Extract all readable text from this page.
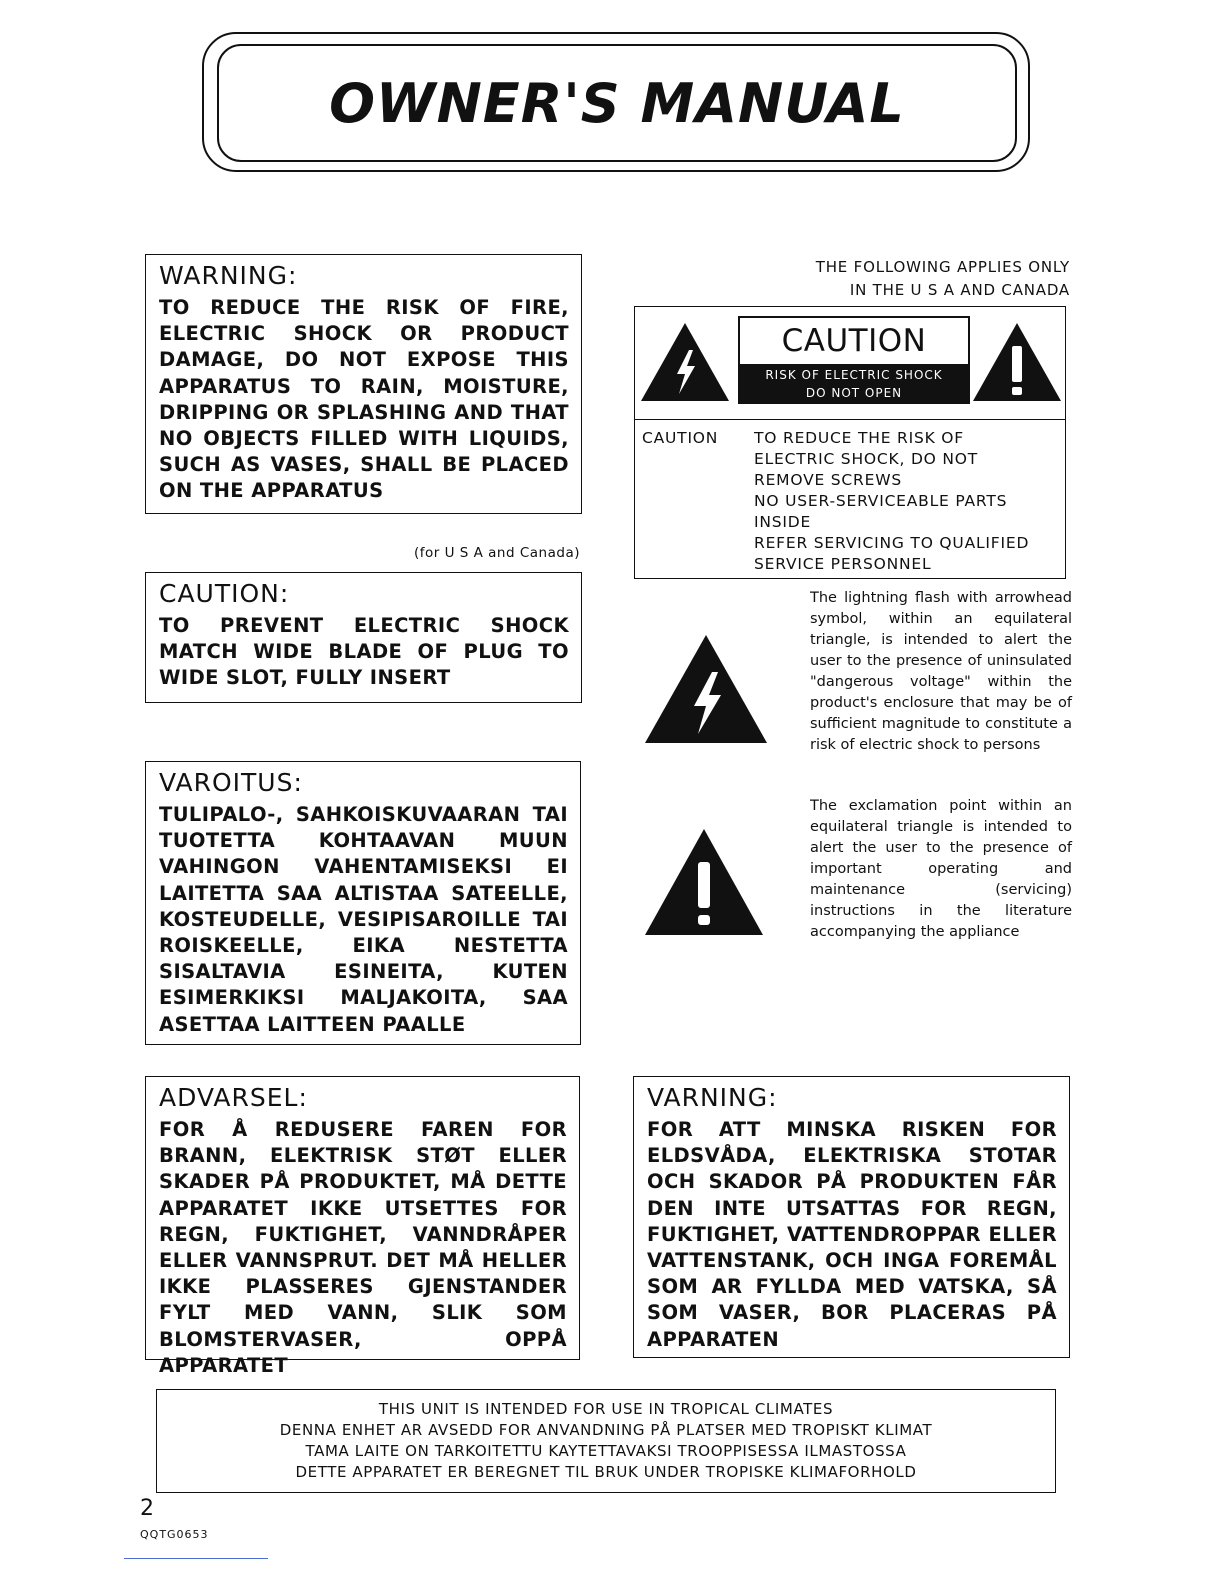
OWNER'S MANUAL
WARNING:

TO REDUCE THE RISK OF FIRE, ELECTRIC SHOCK OR PRODUCT DAMAGE, DO NOT EXPOSE THIS APPARATUS TO RAIN, MOISTURE, DRIPPING OR SPLASHING AND THAT NO OBJECTS FILLED WITH LIQUIDS, SUCH AS VASES, SHALL BE PLACED ON THE APPARATUS

(for U S A and Canada)
CAUTION:

TO PREVENT ELECTRIC SHOCK MATCH WIDE BLADE OF PLUG TO WIDE SLOT, FULLY INSERT

VAROITUS:

TULIPALO-, SAHKOISKUVAARAN TAI TUOTETTA KOHTAAVAN MUUN VAHINGON VAHENTAMISEKSI EI LAITETTA SAA ALTISTAA SATEELLE, KOSTEUDELLE, VESIPISAROILLE TAI ROISKEELLE, EIKA NESTETTA SISALTAVIA ESINEITA, KUTEN ESIMERKIKSI MALJAKOITA, SAA ASETTAA LAITTEEN PAALLE

ADVARSEL:

FOR Å REDUSERE FAREN FOR BRANN, ELEKTRISK STØT ELLER SKADER PÅ PRODUKTET, MÅ DETTE APPARATET IKKE UTSETTES FOR REGN, FUKTIGHET, VANNDRÅPER ELLER VANNSPRUT. DET MÅ HELLER IKKE PLASSERES GJENSTANDER FYLT MED VANN, SLIK SOM BLOMSTERVASER, OPPÅ APPARATET

VARNING:

FOR ATT MINSKA RISKEN FOR ELDSVÅDA, ELEKTRISKA STOTAR OCH SKADOR PÅ PRODUKTEN FÅR DEN INTE UTSATTAS FOR REGN, FUKTIGHET, VATTENDROPPAR ELLER VATTENSTANK, OCH INGA FOREMÅL SOM AR FYLLDA MED VATSKA, SÅ SOM VASER, BOR PLACERAS PÅ APPARATEN

THE FOLLOWING APPLIES ONLY
IN THE U S A AND CANADA
CAUTION
RISK OF ELECTRIC SHOCK
DO NOT OPEN
CAUTION TO REDUCE THE RISK OF
ELECTRIC SHOCK, DO NOT
REMOVE SCREWS
NO USER-SERVICEABLE PARTS
INSIDE
REFER SERVICING TO QUALIFIED
SERVICE PERSONNEL
The lightning flash with arrowhead symbol, within an equilateral triangle, is intended to alert the user to the presence of uninsulated "dangerous voltage" within the product's enclosure that may be of sufficient magnitude to constitute a risk of electric shock to persons
The exclamation point within an equilateral triangle is intended to alert the user to the presence of important operating and maintenance (servicing) instructions in the literature accompanying the appliance
THIS UNIT IS INTENDED FOR USE IN TROPICAL CLIMATES
DENNA ENHET AR AVSEDD FOR ANVANDNING PÅ PLATSER MED TROPISKT KLIMAT
TAMA LAITE ON TARKOITETTU KAYTETTAVAKSI TROOPPISESSA ILMASTOSSA
DETTE APPARATET ER BEREGNET TIL BRUK UNDER TROPISKE KLIMAFORHOLD
2
QQTG0653
